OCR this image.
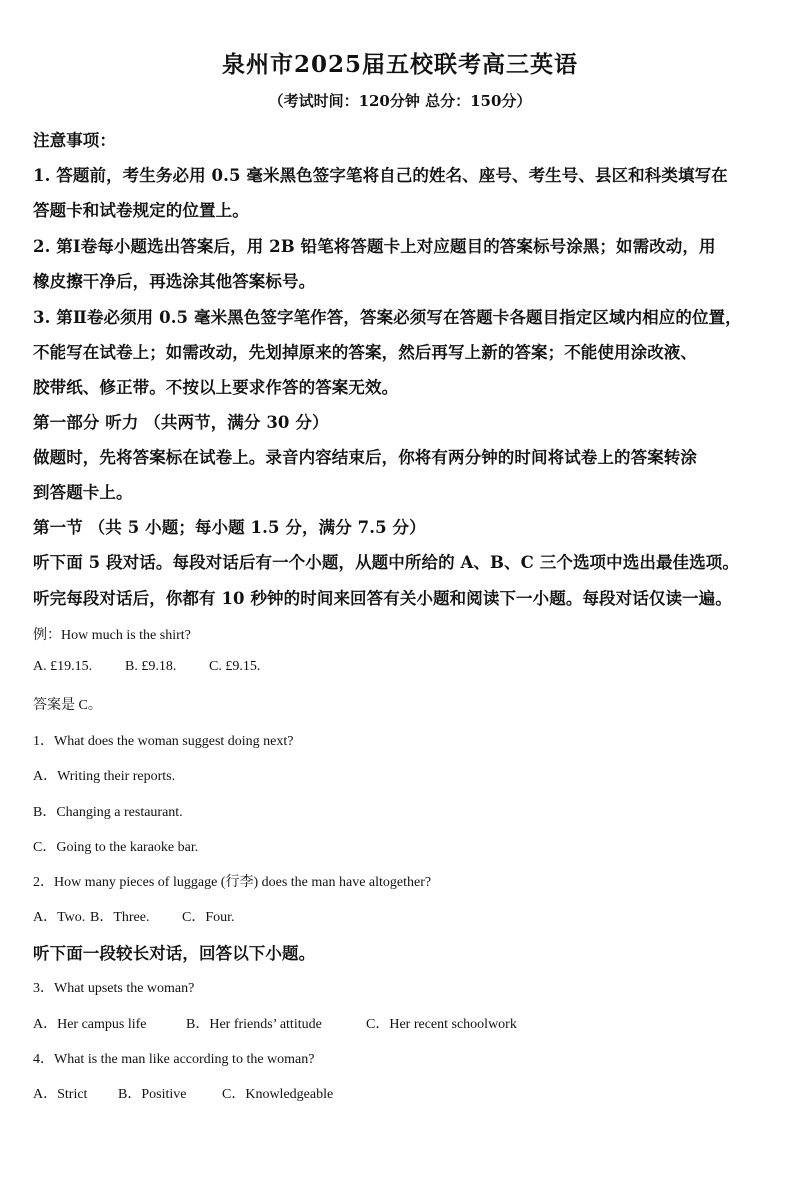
泉州市2025届五校联考高三英语
（考试时间：120分钟 总分：150分）
注意事项：
1. 答题前，考生务必用 0.5 毫米黑色签字笔将自己的姓名、座号、考生号、县区和科类填写在
答题卡和试卷规定的位置上。
2. 第Ⅰ卷每小题选出答案后，用 2B 铅笔将答题卡上对应题目的答案标号涂黑；如需改动，用
橡皮擦干净后，再选涂其他答案标号。
3. 第Ⅱ卷必须用 0.5 毫米黑色签字笔作答，答案必须写在答题卡各题目指定区域内相应的位置，
不能写在试卷上；如需改动，先划掉原来的答案，然后再写上新的答案；不能使用涂改液、
胶带纸、修正带。不按以上要求作答的答案无效。
第一部分 听力 （共两节，满分 30 分）
做题时，先将答案标在试卷上。录音内容结束后，你将有两分钟的时间将试卷上的答案转涂
到答题卡上。
第一节 （共 5 小题；每小题 1.5 分，满分 7.5 分）
听下面 5 段对话。每段对话后有一个小题，从题中所给的 A、B、C 三个选项中选出最佳选项。
听完每段对话后，你都有 10 秒钟的时间来回答有关小题和阅读下一小题。每段对话仅读一遍。
例：How much is the shirt?
A. £19.15. B. £9.18. C. £9.15.
答案是 C。
1．What does the woman suggest doing next?
A．Writing their reports.
B．Changing a restaurant.
C．Going to the karaoke bar.
2．How many pieces of luggage (行李) does the man have altogether?
A．Two. B．Three. C．Four.
听下面一段较长对话，回答以下小题。
3．What upsets the woman?
A．Her campus life	B．Her friends’ attitude	C．Her recent schoolwork
4．What is the man like according to the woman?
A．Strict B．Positive	C．Knowledgeable
